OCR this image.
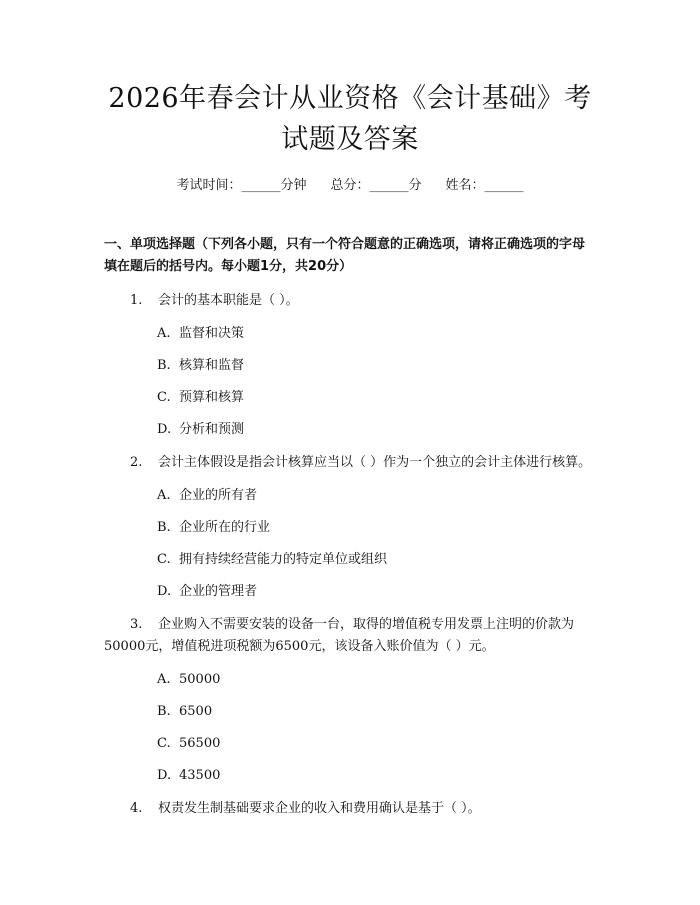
2026年春会计从业资格《会计基础》考试题及答案
考试时间：______分钟 总分：______分 姓名：______
一、单项选择题（下列各小题，只有一个符合题意的正确选项，请将正确选项的字母填在题后的括号内。每小题1分，共20分）
1. 会计的基本职能是（ ）。
A. 监督和决策
B. 核算和监督
C. 预算和核算
D. 分析和预测
2. 会计主体假设是指会计核算应当以（ ）作为一个独立的会计主体进行核算。
A. 企业的所有者
B. 企业所在的行业
C. 拥有持续经营能力的特定单位或组织
D. 企业的管理者
3. 企业购入不需要安装的设备一台，取得的增值税专用发票上注明的价款为50000元，增值税进项税额为6500元，该设备入账价值为（ ）元。
A. 50000
B. 6500
C. 56500
D. 43500
4. 权责发生制基础要求企业的收入和费用确认是基于（ ）。
